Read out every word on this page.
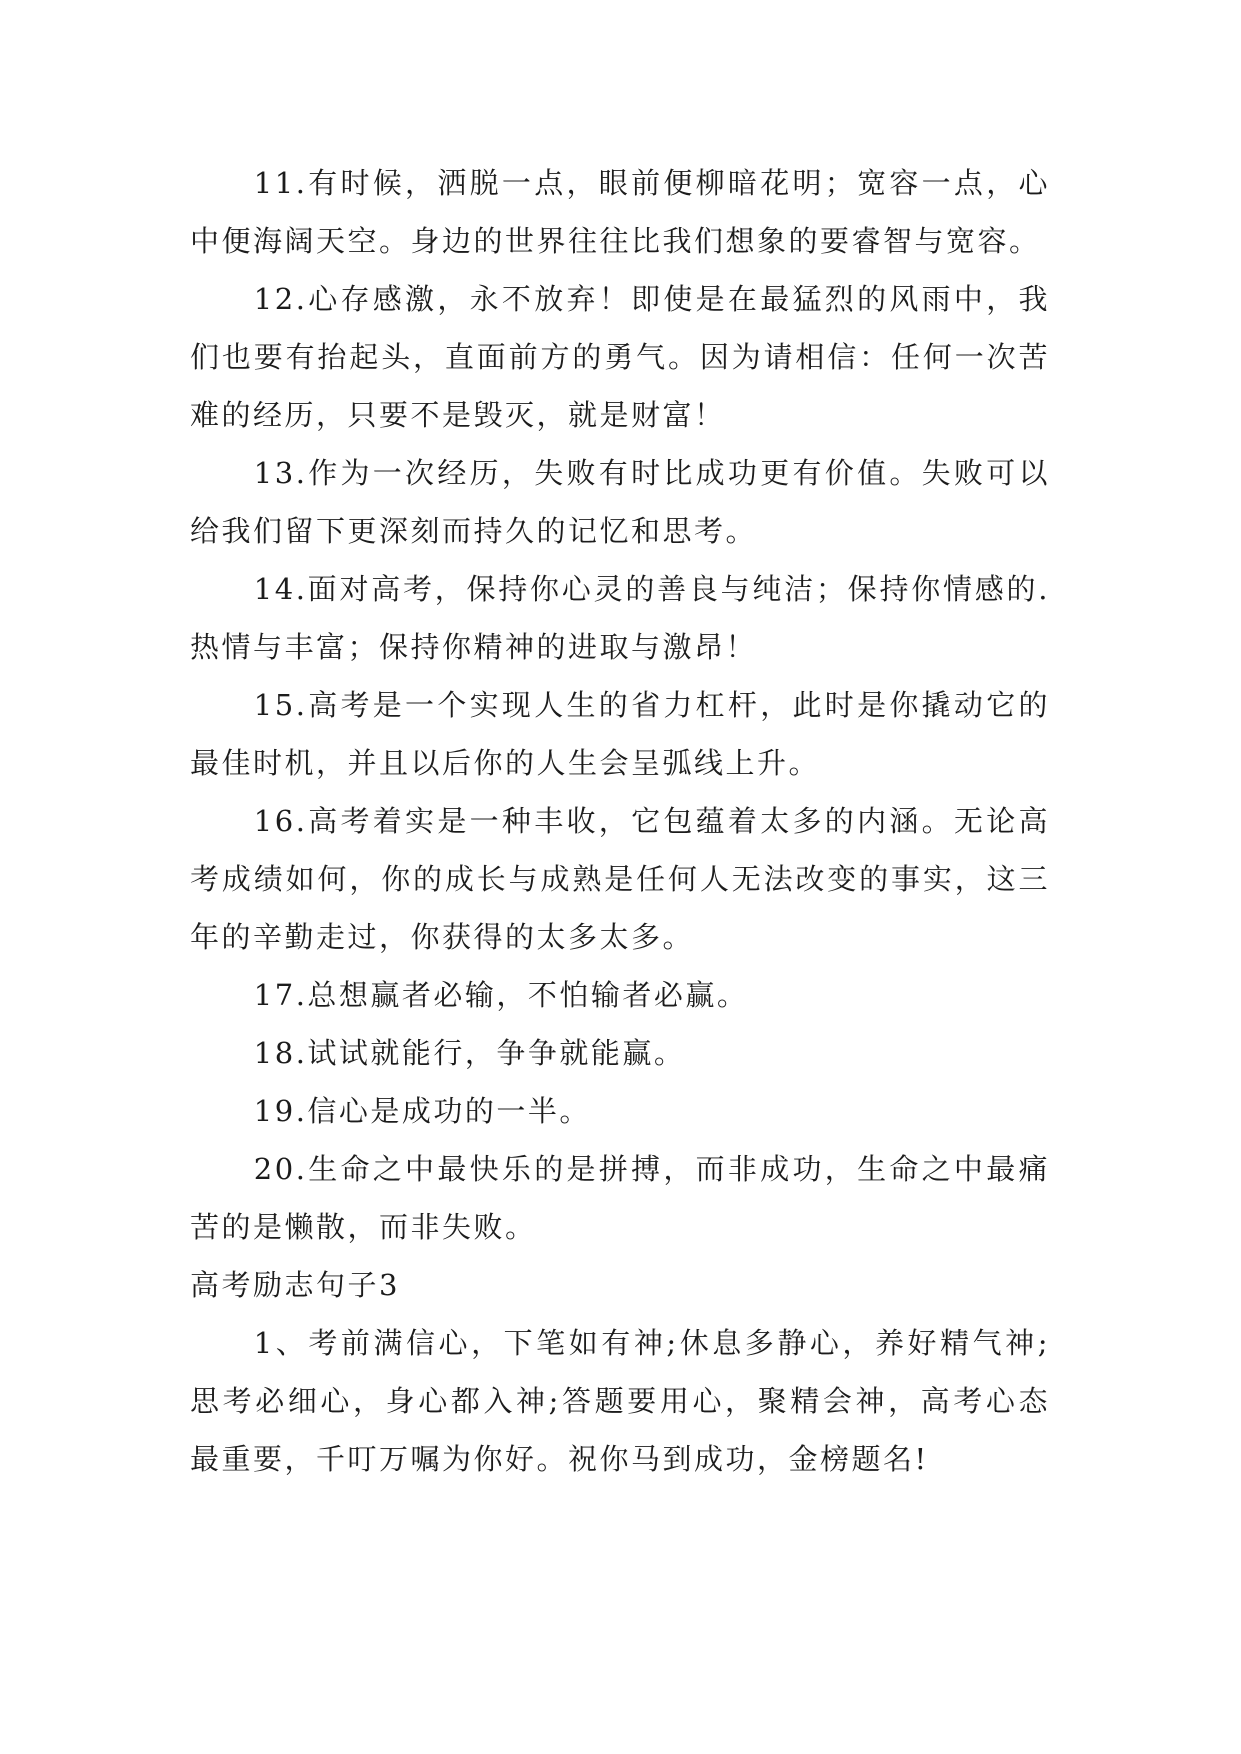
11.有时候，洒脱一点，眼前便柳暗花明；宽容一点，心中便海阔天空。身边的世界往往比我们想象的要睿智与宽容。

12.心存感激，永不放弃！即使是在最猛烈的风雨中，我们也要有抬起头，直面前方的勇气。因为请相信：任何一次苦难的经历，只要不是毁灭，就是财富！

13.作为一次经历，失败有时比成功更有价值。失败可以给我们留下更深刻而持久的记忆和思考。

14.面对高考，保持你心灵的善良与纯洁；保持你情感的.热情与丰富；保持你精神的进取与激昂！

15.高考是一个实现人生的省力杠杆，此时是你撬动它的最佳时机，并且以后你的人生会呈弧线上升。

16.高考着实是一种丰收，它包蕴着太多的内涵。无论高考成绩如何，你的成长与成熟是任何人无法改变的事实，这三年的辛勤走过，你获得的太多太多。

17.总想赢者必输，不怕输者必赢。

18.试试就能行，争争就能赢。

19.信心是成功的一半。

20.生命之中最快乐的是拼搏，而非成功，生命之中最痛苦的是懒散，而非失败。

高考励志句子3

1、考前满信心，下笔如有神;休息多静心，养好精气神;思考必细心，身心都入神;答题要用心，聚精会神，高考心态最重要，千叮万嘱为你好。祝你马到成功，金榜题名!
